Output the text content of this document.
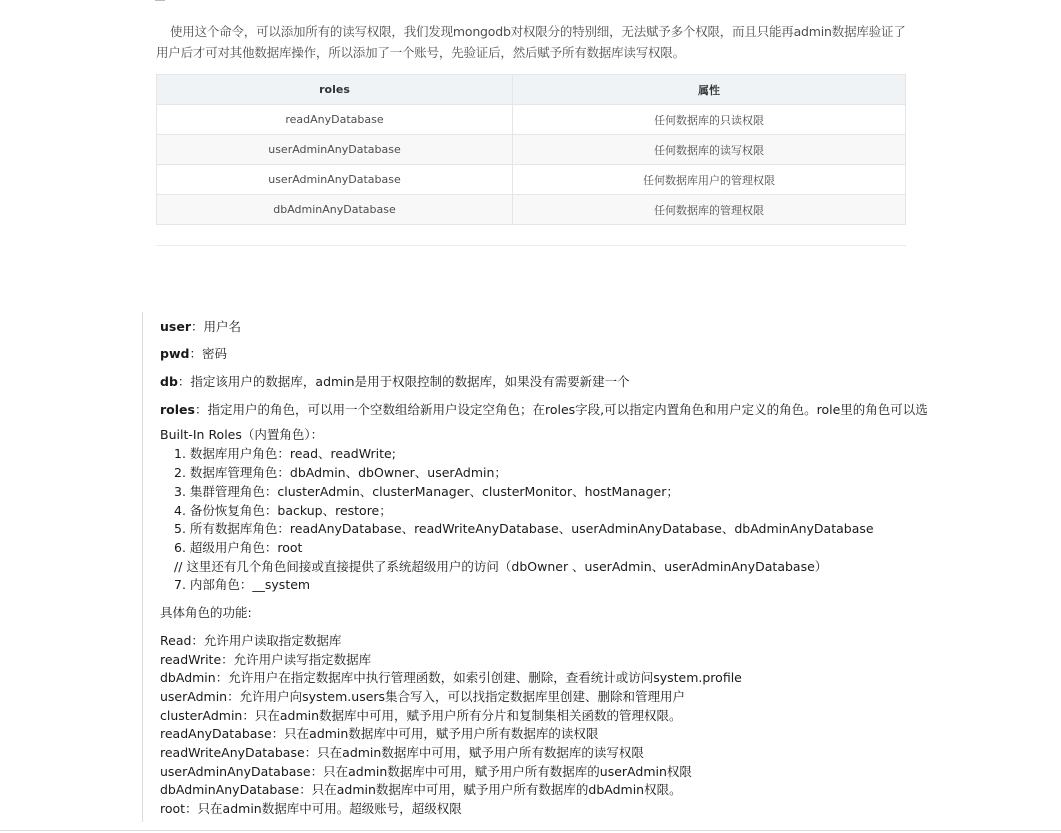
使用这个命令，可以添加所有的读写权限，我们发现mongodb对权限分的特别细，无法赋予多个权限，而且只能再admin数据库验证了用户后才可对其他数据库操作，所以添加了一个账号，先验证后，然后赋予所有数据库读写权限。

roles	属性
readAnyDatabase	任何数据库的只读权限
userAdminAnyDatabase	任何数据库的读写权限
userAdminAnyDatabase	任何数据库用户的管理权限
dbAdminAnyDatabase	任何数据库的管理权限
user：用户名
pwd：密码
db：指定该用户的数据库，admin是用于权限控制的数据库，如果没有需要新建一个
roles：指定用户的角色，可以用一个空数组给新用户设定空角色；在roles字段,可以指定内置角色和用户定义的角色。role里的角色可以选
Built-In Roles（内置角色）：
1. 数据库用户角色：read、readWrite;
2. 数据库管理角色：dbAdmin、dbOwner、userAdmin；
3. 集群管理角色：clusterAdmin、clusterManager、clusterMonitor、hostManager；
4. 备份恢复角色：backup、restore；
5. 所有数据库角色：readAnyDatabase、readWriteAnyDatabase、userAdminAnyDatabase、dbAdminAnyDatabase
6. 超级用户角色：root
// 这里还有几个角色间接或直接提供了系统超级用户的访问（dbOwner 、userAdmin、userAdminAnyDatabase）
7. 内部角色：__system
具体角色的功能:
Read：允许用户读取指定数据库
readWrite：允许用户读写指定数据库
dbAdmin：允许用户在指定数据库中执行管理函数，如索引创建、删除，查看统计或访问system.profile
userAdmin：允许用户向system.users集合写入，可以找指定数据库里创建、删除和管理用户
clusterAdmin：只在admin数据库中可用，赋予用户所有分片和复制集相关函数的管理权限。
readAnyDatabase：只在admin数据库中可用，赋予用户所有数据库的读权限
readWriteAnyDatabase：只在admin数据库中可用，赋予用户所有数据库的读写权限
userAdminAnyDatabase：只在admin数据库中可用，赋予用户所有数据库的userAdmin权限
dbAdminAnyDatabase：只在admin数据库中可用，赋予用户所有数据库的dbAdmin权限。
root：只在admin数据库中可用。超级账号，超级权限
